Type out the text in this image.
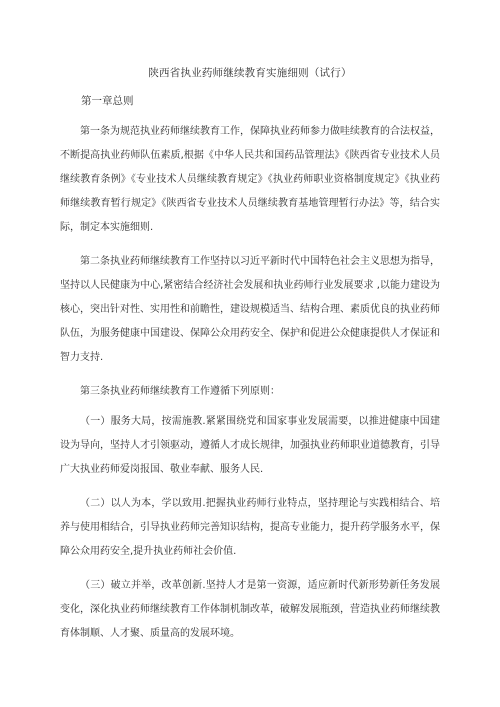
陕西省执业药师继续教育实施细则（试行）
第一章总则

第一条为规范执业药师继续教育工作，保障执业药师参力做哇续教育的合法权益，不断提高执业药师队伍素质,根据《中华人民共和国药品管理法》《陕西省专业技术人员继续教育条例》《专业技术人员继续教育规定》《执业药师职业资格制度规定》《执业药师继续教育暂行规定》《陕西省专业技术人员继续教育基地管理暂行办法》等，结合实际，制定本实施细则.

第二条执业药师继续教育工作坚持以习近平新时代中国特色社会主义思想为指导，坚持以人民健康为中心,紧密结合经济社会发展和执业药师行业发展要求 ,以能力建设为核心，突出针对性、实用性和前瞻性，建设规模适当、结构合理、素质优良的执业药师队伍，为服务健康中国建设、保障公众用药安全、保护和促进公众健康提供人才保证和智力支持.

第三条执业药师继续教育工作遵循下列原则：

（一）服务大局，按需施教.紧紧围绕党和国家事业发展需要，以推进健康中国建设为导向，坚持人才引领驱动，遵循人才成长规律，加强执业药师职业道德教育，引导广大执业药师爱岗报国、敬业奉献、服务人民.

（二）以人为本，学以致用.把握执业药师行业特点，坚持理论与实践相结合、培养与使用相结合，引导执业药师完善知识结构，提高专业能力，提升药学服务水平，保障公众用药安全,提升执业药师社会价值.

（三）破立并举，改革创新.坚持人才是第一资源，适应新时代新形势新任务发展变化，深化执业药师继续教育工作体制机制改革，破解发展瓶颈，营造执业药师继续教育体制顺、人才聚、质量高的发展环境。
